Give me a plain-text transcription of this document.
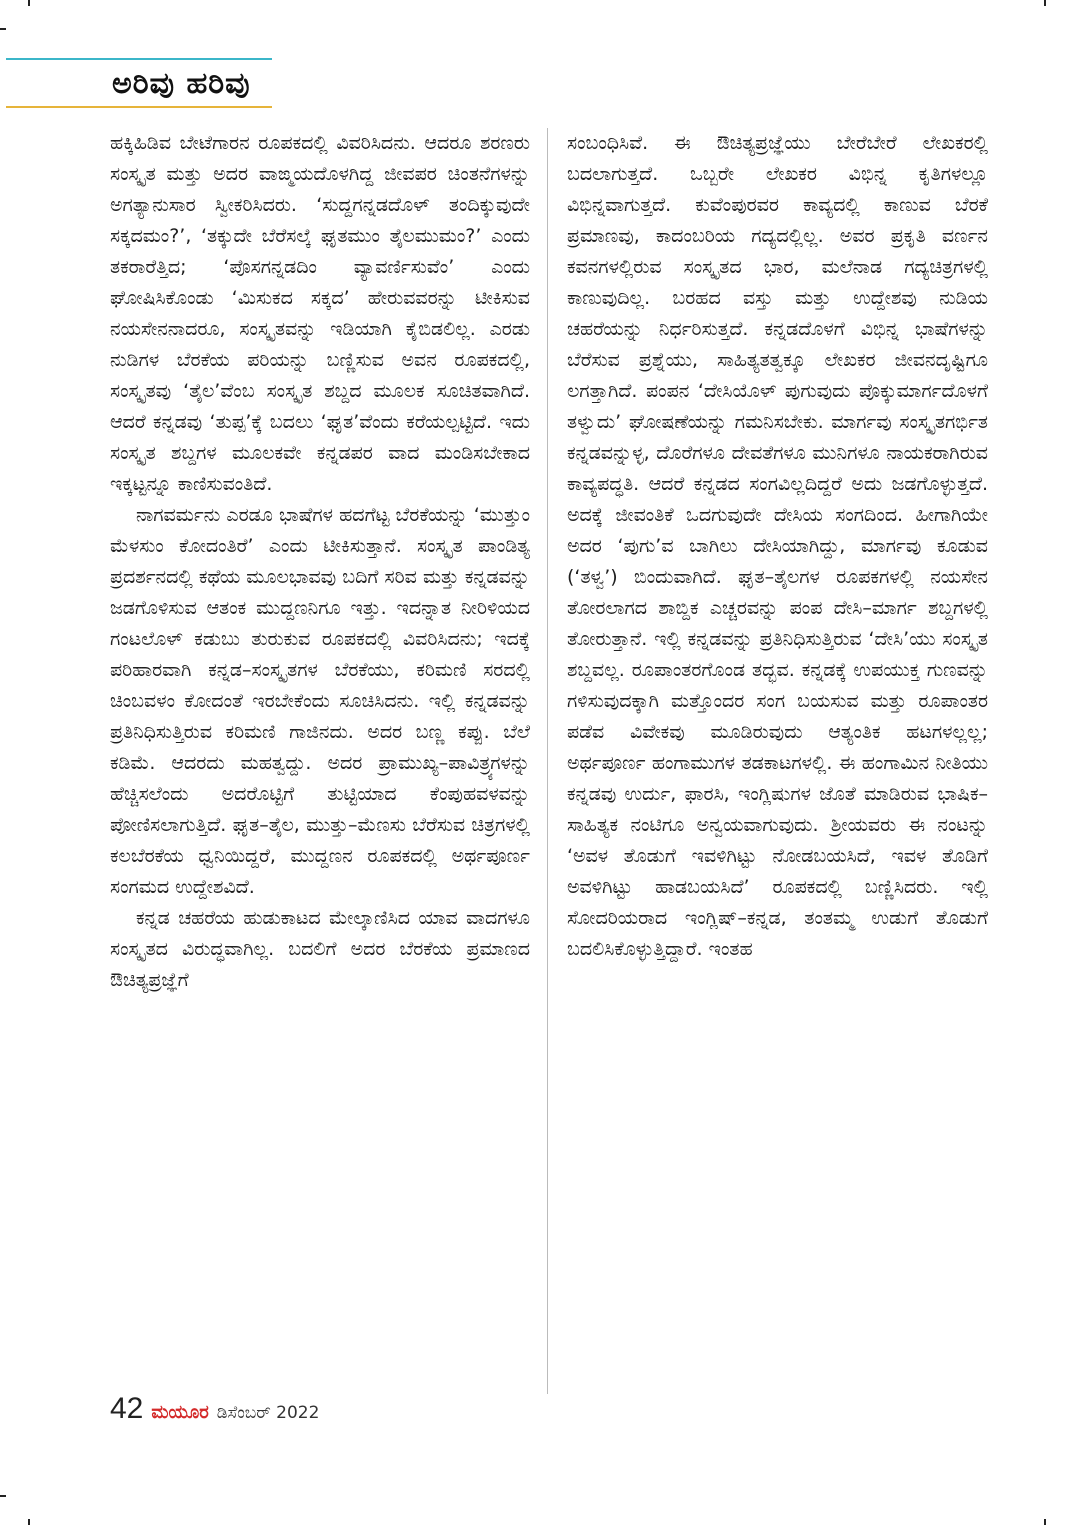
ಅರಿವು ಹರಿವು

ಹಕ್ಕಿಹಿಡಿವ ಬೇಟೆಗಾರನ ರೂಪಕದಲ್ಲಿ ವಿವರಿಸಿದನು. ಆದರೂ ಶರಣರು ಸಂಸ್ಕೃತ ಮತ್ತು ಅದರ ವಾಙ್ಮಯದೊಳಗಿದ್ದ ಜೀವಪರ ಚಿಂತನೆಗಳನ್ನು ಅಗತ್ಯಾನುಸಾರ ಸ್ವೀಕರಿಸಿದರು. ‘ಸುದ್ದಗನ್ನಡದೊಳ್ ತಂದಿಕ್ಕುವುದೇ ಸಕ್ಕದಮಂ?’, ‘ತಕ್ಕುದೇ ಬೆರೆಸಲ್ಕೆ ಘೃತಮುಂ ತೈಲಮುಮಂ?’ ಎಂದು ತಕರಾರೆತ್ತಿದ; ‘ಪೊಸಗನ್ನಡದಿಂ ವ್ಯಾವರ್ಣಿಸುವೆಂ’ ಎಂದು ಘೋಷಿಸಿಕೊಂಡು ‘ಮಿಸುಕದ ಸಕ್ಕದ’ ಹೇರುವವರನ್ನು ಟೀಕಿಸುವ ನಯಸೇನನಾದರೂ, ಸಂಸ್ಕೃತವನ್ನು ಇಡಿಯಾಗಿ ಕೈಬಿಡಲಿಲ್ಲ. ಎರಡು ನುಡಿಗಳ ಬೆರಕೆಯ ಪರಿಯನ್ನು ಬಣ್ಣಿಸುವ ಅವನ ರೂಪಕದಲ್ಲಿ, ಸಂಸ್ಕೃತವು ‘ತೈಲ’ವೆಂಬ ಸಂಸ್ಕೃತ ಶಬ್ದದ ಮೂಲಕ ಸೂಚಿತವಾಗಿದೆ. ಆದರೆ ಕನ್ನಡವು ‘ತುಪ್ಪ’ಕ್ಕೆ ಬದಲು ‘ಘೃತ’ವೆಂದು ಕರೆಯಲ್ಪಟ್ಟಿದೆ. ಇದು ಸಂಸ್ಕೃತ ಶಬ್ದಗಳ ಮೂಲಕವೇ ಕನ್ನಡಪರ ವಾದ ಮಂಡಿಸಬೇಕಾದ ಇಕ್ಕಟ್ಟನ್ನೂ ಕಾಣಿಸುವಂತಿದೆ.

ನಾಗವರ್ಮನು ಎರಡೂ ಭಾಷೆಗಳ ಹದಗೆಟ್ಟ ಬೆರಕೆಯನ್ನು ‘ಮುತ್ತುಂ ಮೆಳಸುಂ ಕೋದಂತಿರೆ’ ಎಂದು ಟೀಕಿಸುತ್ತಾನೆ. ಸಂಸ್ಕೃತ ಪಾಂಡಿತ್ಯ ಪ್ರದರ್ಶನದಲ್ಲಿ ಕಥೆಯ ಮೂಲಭಾವವು ಬದಿಗೆ ಸರಿವ ಮತ್ತು ಕನ್ನಡವನ್ನು ಜಡಗೊಳಿಸುವ ಆತಂಕ ಮುದ್ದಣನಿಗೂ ಇತ್ತು. ಇದನ್ನಾತ ನೀರಿಳಿಯದ ಗಂಟಲೊಳ್ ಕಡುಬು ತುರುಕುವ ರೂಪಕದಲ್ಲಿ ವಿವರಿಸಿದನು; ಇದಕ್ಕೆ ಪರಿಹಾರವಾಗಿ ಕನ್ನಡ–ಸಂಸ್ಕೃತಗಳ ಬೆರಕೆಯು, ಕರಿಮಣಿ ಸರದಲ್ಲಿ ಚಿಂಬವಳಂ ಕೋದಂತೆ ಇರಬೇಕೆಂದು ಸೂಚಿಸಿದನು. ಇಲ್ಲಿ ಕನ್ನಡವನ್ನು ಪ್ರತಿನಿಧಿಸುತ್ತಿರುವ ಕರಿಮಣಿ ಗಾಜಿನದು. ಅದರ ಬಣ್ಣ ಕಪ್ಪು. ಬೆಲೆ ಕಡಿಮೆ. ಆದರದು ಮಹತ್ವದ್ದು. ಅದರ ಪ್ರಾಮುಖ್ಯ–ಪಾವಿತ್ರ್ಯಗಳನ್ನು ಹೆಚ್ಚಿಸಲೆಂದು ಅದರೊಟ್ಟಿಗೆ ತುಟ್ಟಿಯಾದ ಕೆಂಪುಹವಳವನ್ನು ಪೋಣಿಸಲಾಗುತ್ತಿದೆ. ಘೃತ–ತೈಲ, ಮುತ್ತು–ಮೆಣಸು ಬೆರೆಸುವ ಚಿತ್ರಗಳಲ್ಲಿ ಕಲಬೆರಕೆಯ ಧ್ವನಿಯಿದ್ದರೆ, ಮುದ್ದಣನ ರೂಪಕದಲ್ಲಿ ಅರ್ಥಪೂರ್ಣ ಸಂಗಮದ ಉದ್ದೇಶವಿದೆ.

ಕನ್ನಡ ಚಹರೆಯ ಹುಡುಕಾಟದ ಮೇಲ್ಕಾಣಿಸಿದ ಯಾವ ವಾದಗಳೂ ಸಂಸ್ಕೃತದ ವಿರುದ್ಧವಾಗಿಲ್ಲ. ಬದಲಿಗೆ ಅದರ ಬೆರಕೆಯ ಪ್ರಮಾಣದ ಔಚಿತ್ಯಪ್ರಜ್ಞೆಗೆ

ಸಂಬಂಧಿಸಿವೆ. ಈ ಔಚಿತ್ಯಪ್ರಜ್ಞೆಯು ಬೇರೆಬೇರೆ ಲೇಖಕರಲ್ಲಿ ಬದಲಾಗುತ್ತದೆ. ಒಬ್ಬರೇ ಲೇಖಕರ ವಿಭಿನ್ನ ಕೃತಿಗಳಲ್ಲೂ ವಿಭಿನ್ನವಾಗುತ್ತದೆ. ಕುವೆಂಪುರವರ ಕಾವ್ಯದಲ್ಲಿ ಕಾಣುವ ಬೆರಕೆ ಪ್ರಮಾಣವು, ಕಾದಂಬರಿಯ ಗದ್ಯದಲ್ಲಿಲ್ಲ. ಅವರ ಪ್ರಕೃತಿ ವರ್ಣನ ಕವನಗಳಲ್ಲಿರುವ ಸಂಸ್ಕೃತದ ಭಾರ, ಮಲೆನಾಡ ಗದ್ಯಚಿತ್ರಗಳಲ್ಲಿ ಕಾಣುವುದಿಲ್ಲ. ಬರಹದ ವಸ್ತು ಮತ್ತು ಉದ್ದೇಶವು ನುಡಿಯ ಚಹರೆಯನ್ನು ನಿರ್ಧರಿಸುತ್ತದೆ. ಕನ್ನಡದೊಳಗೆ ವಿಭಿನ್ನ ಭಾಷೆಗಳನ್ನು ಬೆರೆಸುವ ಪ್ರಶ್ನೆಯು, ಸಾಹಿತ್ಯತತ್ವಕ್ಕೂ ಲೇಖಕರ ಜೀವನದೃಷ್ಟಿಗೂ ಲಗತ್ತಾಗಿದೆ. ಪಂಪನ ‘ದೇಸಿಯೊಳ್ ಪುಗುವುದು ಪೊಕ್ಕುಮಾರ್ಗದೊಳಗೆ ತಳ್ವುದು’ ಘೋಷಣೆಯನ್ನು ಗಮನಿಸಬೇಕು. ಮಾರ್ಗವು ಸಂಸ್ಕೃತಗರ್ಭಿತ ಕನ್ನಡವನ್ನುಳ್ಳ, ದೊರೆಗಳೂ ದೇವತೆಗಳೂ ಮುನಿಗಳೂ ನಾಯಕರಾಗಿರುವ ಕಾವ್ಯಪದ್ಧತಿ. ಆದರೆ ಕನ್ನಡದ ಸಂಗವಿಲ್ಲದಿದ್ದರೆ ಅದು ಜಡಗೊಳ್ಳುತ್ತದೆ. ಅದಕ್ಕೆ ಜೀವಂತಿಕೆ ಒದಗುವುದೇ ದೇಸಿಯ ಸಂಗದಿಂದ. ಹೀಗಾಗಿಯೇ ಅದರ ‘ಪುಗು’ವ ಬಾಗಿಲು ದೇಸಿಯಾಗಿದ್ದು, ಮಾರ್ಗವು ಕೂಡುವ (‘ತಳ್ವ’) ಬಿಂದುವಾಗಿದೆ. ಘೃತ–ತೈಲಗಳ ರೂಪಕಗಳಲ್ಲಿ ನಯಸೇನ ತೋರಲಾಗದ ಶಾಬ್ದಿಕ ಎಚ್ಚರವನ್ನು ಪಂಪ ದೇಸಿ–ಮಾರ್ಗ ಶಬ್ದಗಳಲ್ಲಿ ತೋರುತ್ತಾನೆ. ಇಲ್ಲಿ ಕನ್ನಡವನ್ನು ಪ್ರತಿನಿಧಿಸುತ್ತಿರುವ ‘ದೇಸಿ’ಯು ಸಂಸ್ಕೃತ ಶಬ್ದವಲ್ಲ. ರೂಪಾಂತರಗೊಂಡ ತದ್ಭವ. ಕನ್ನಡಕ್ಕೆ ಉಪಯುಕ್ತ ಗುಣವನ್ನು ಗಳಿಸುವುದಕ್ಕಾಗಿ ಮತ್ತೊಂದರ ಸಂಗ ಬಯಸುವ ಮತ್ತು ರೂಪಾಂತರ ಪಡೆವ ವಿವೇಕವು ಮೂಡಿರುವುದು ಆತ್ಯಂತಿಕ ಹಟಗಳಲ್ಲಲ್ಲ; ಅರ್ಥಪೂರ್ಣ ಹಂಗಾಮುಗಳ ತಡಕಾಟಗಳಲ್ಲಿ. ಈ ಹಂಗಾಮಿನ ನೀತಿಯು ಕನ್ನಡವು ಉರ್ದು, ಫಾರಸಿ, ಇಂಗ್ಲಿಷುಗಳ ಜೊತೆ ಮಾಡಿರುವ ಭಾಷಿಕ–ಸಾಹಿತ್ಯಕ ನಂಟಿಗೂ ಅನ್ವಯವಾಗುವುದು. ಶ್ರೀಯವರು ಈ ನಂಟನ್ನು ‘ಅವಳ ತೊಡುಗೆ ಇವಳಿಗಿಟ್ಟು ನೋಡಬಯಸಿದೆ, ಇವಳ ತೊಡಿಗೆ ಅವಳಿಗಿಟ್ಟು ಹಾಡಬಯಸಿದೆ’ ರೂಪಕದಲ್ಲಿ ಬಣ್ಣಿಸಿದರು. ಇಲ್ಲಿ ಸೋದರಿಯರಾದ ಇಂಗ್ಲಿಷ್–ಕನ್ನಡ, ತಂತಮ್ಮ ಉಡುಗೆ ತೊಡುಗೆ ಬದಲಿಸಿಕೊಳ್ಳುತ್ತಿದ್ದಾರೆ. ಇಂತಹ

42 ಮಯೂರ ಡಿಸೆಂಬರ್ 2022
